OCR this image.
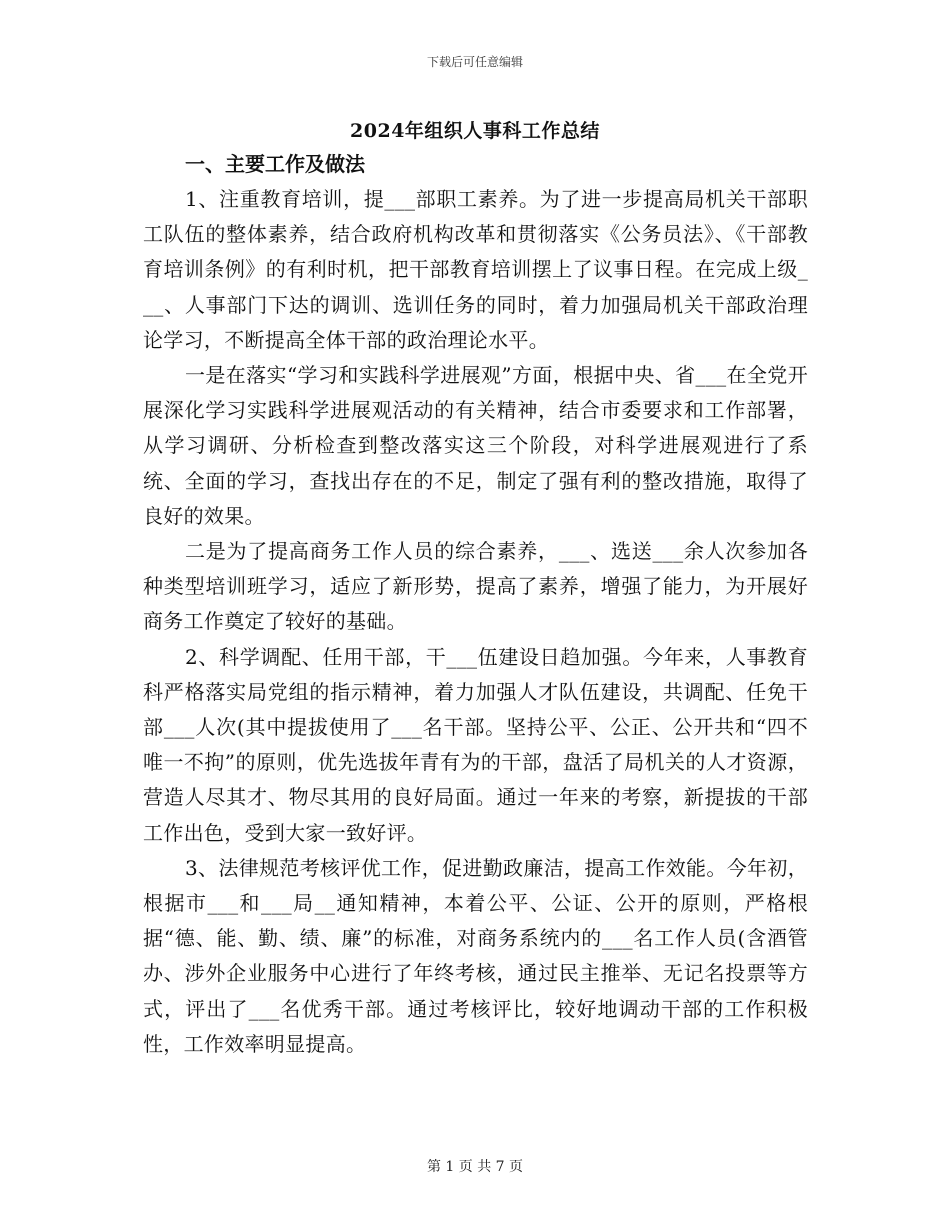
下载后可任意编辑
2024年组织人事科工作总结
一、主要工作及做法

1、注重教育培训，提___部职工素养。为了进一步提高局机关干部职工队伍的整体素养，结合政府机构改革和贯彻落实《公务员法》、《干部教育培训条例》的有利时机，把干部教育培训摆上了议事日程。在完成上级___、人事部门下达的调训、选训任务的同时，着力加强局机关干部政治理论学习，不断提高全体干部的政治理论水平。

一是在落实“学习和实践科学进展观”方面，根据中央、省___在全党开展深化学习实践科学进展观活动的有关精神，结合市委要求和工作部署，从学习调研、分析检查到整改落实这三个阶段，对科学进展观进行了系统、全面的学习，查找出存在的不足，制定了强有利的整改措施，取得了良好的效果。

二是为了提高商务工作人员的综合素养，___、选送___余人次参加各种类型培训班学习，适应了新形势，提高了素养，增强了能力，为开展好商务工作奠定了较好的基础。

2、科学调配、任用干部，干___伍建设日趋加强。今年来，人事教育科严格落实局党组的指示精神，着力加强人才队伍建设，共调配、任免干部___人次(其中提拔使用了___名干部。坚持公平、公正、公开共和“四不唯一不拘”的原则，优先选拔年青有为的干部，盘活了局机关的人才资源，营造人尽其才、物尽其用的良好局面。通过一年来的考察，新提拔的干部工作出色，受到大家一致好评。

3、法律规范考核评优工作，促进勤政廉洁，提高工作效能。今年初，根据市___和___局__通知精神，本着公平、公证、公开的原则，严格根据“德、能、勤、绩、廉”的标准，对商务系统内的___名工作人员(含酒管办、涉外企业服务中心进行了年终考核，通过民主推举、无记名投票等方式，评出了___名优秀干部。通过考核评比，较好地调动干部的工作积极性，工作效率明显提高。

第 1 页 共 7 页
